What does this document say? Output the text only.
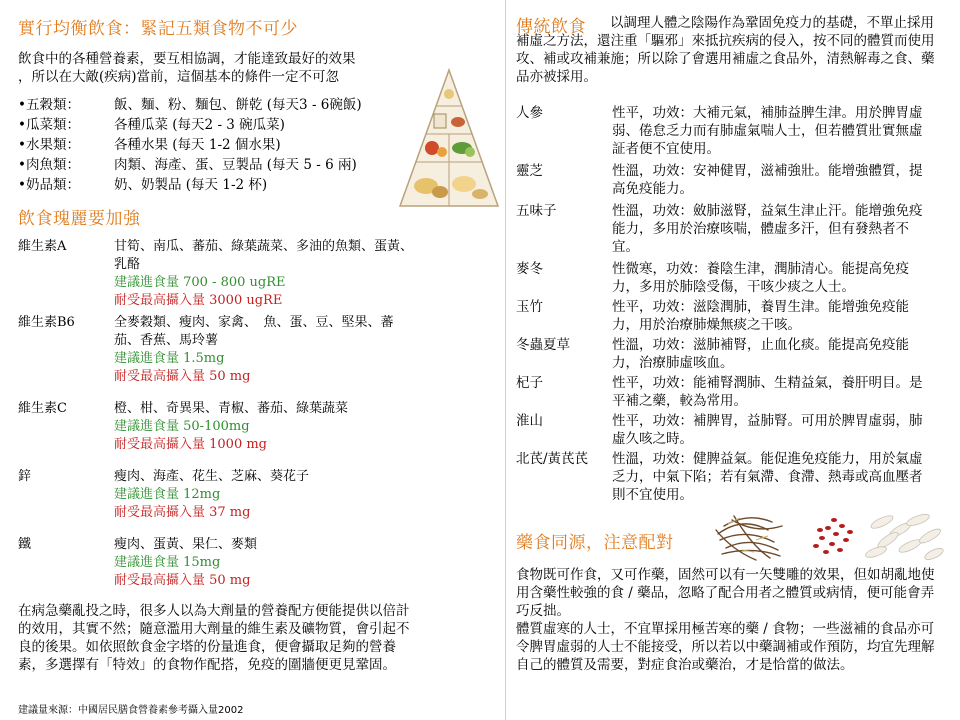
實行均衡飲食：緊記五類食物不可少
飲食中的各種營養素，要互相協調，才能達致最好的效果
，所以在大敵(疾病)當前，這個基本的條件一定不可忽
•五穀類：	飯、麵、粉、麵包、餅乾 (每天3 - 6碗飯)
•瓜菜類：	各種瓜菜 (每天2 - 3 碗瓜菜)
•水果類：	各種水果 (每天 1-2 個水果)
•肉魚類：	肉類、海產、蛋、豆製品 (每天 5 - 6 兩)
•奶品類：	奶、奶製品 (每天 1-2 杯)
飲食瑰麗要加強
維生素A	甘筍、南瓜、蕃茄、綠葉蔬菜、多油的魚類、蛋黃、乳酪
建議進食量 700 - 800 ugRE
耐受最高攝入量 3000 ugRE
維生素B6	全麥穀類、瘦肉、家禽、　魚、蛋、豆、堅果、蕃茄、香蕉、馬玲薯
建議進食量 1.5mg
耐受最高攝入量 50 mg
維生素C	橙、柑、奇異果、青椒、蕃茄、綠葉蔬菜
建議進食量 50-100mg
耐受最高攝入量 1000 mg
鋅	瘦肉、海產、花生、芝麻、葵花子
建議進食量 12mg
耐受最高攝入量 37 mg
鐵	瘦肉、蛋黃、果仁、麥類
建議進食量 15mg
耐受最高攝入量 50 mg
在病急藥亂投之時，很多人以為大劑量的營養配方便能提供以倍計的效用，其實不然；隨意濫用大劑量的維生素及礦物質，會引起不良的後果。如依照飲食金字塔的份量進食，便會攝取足夠的營養素，多選擇有「特效」的食物作配搭，免疫的圍牆便更見鞏固。
建議量來源：中國居民膳食營養素參考攝入量2002
傳統飲食	以調理人體之陰陽作為鞏固免疫力的基礎，不單止採用補虛之方法，還注重「驅邪」來抵抗疾病的侵入，按不同的體質而使用攻、補或攻補兼施；所以除了會選用補虛之食品外，清熱解毒之食、藥品亦被採用。
人參	性平，功效：大補元氣，補肺益脾生津。用於脾胃虛弱、倦怠乏力而有肺虛氣喘人士，但若體質壯實無虛証者便不宜使用。
靈芝	性溫，功效：安神健胃，滋補強壯。能增強體質，提高免疫能力。
五味子	性溫，功效：斂肺滋腎，益氣生津止汗。能增強免疫能力，多用於治療咳喘，體虛多汗，但有發熱者不宜。
麥冬	性微寒，功效：養陰生津，潤肺清心。能提高免疫力，多用於肺陰受傷，干咳少痰之人士。
玉竹	性平，功效：滋陰潤肺，養胃生津。能增強免疫能力，用於治療肺燥無痰之干咳。
冬蟲夏草	性溫，功效：滋肺補腎，止血化痰。能提高免疫能力，治療肺虛咳血。
杞子	性平，功效：能補腎潤肺、生精益氣，養肝明目。是平補之藥，較為常用。
淮山	性平，功效：補脾胃，益肺腎。可用於脾胃虛弱，肺虛久咳之時。
北芪/黃芪芪 性溫，功效：健脾益氣。能促進免疫能力，用於氣虛乏力，中氣下陷；若有氣滯、食滯、熱毒或高血壓者則不宜使用。
藥食同源，注意配對
食物既可作食，又可作藥，固然可以有一矢雙雕的效果，但如胡亂地使用含藥性較強的食 / 藥品，忽略了配合用者之體質或病情，便可能會弄巧反拙。
體質虛寒的人士，不宜單採用極苦寒的藥 / 食物；一些滋補的食品亦可令脾胃虛弱的人士不能接受，所以若以中藥調補或作預防，均宜先理解自己的體質及需要，對症食治或藥治，才是恰當的做法。
